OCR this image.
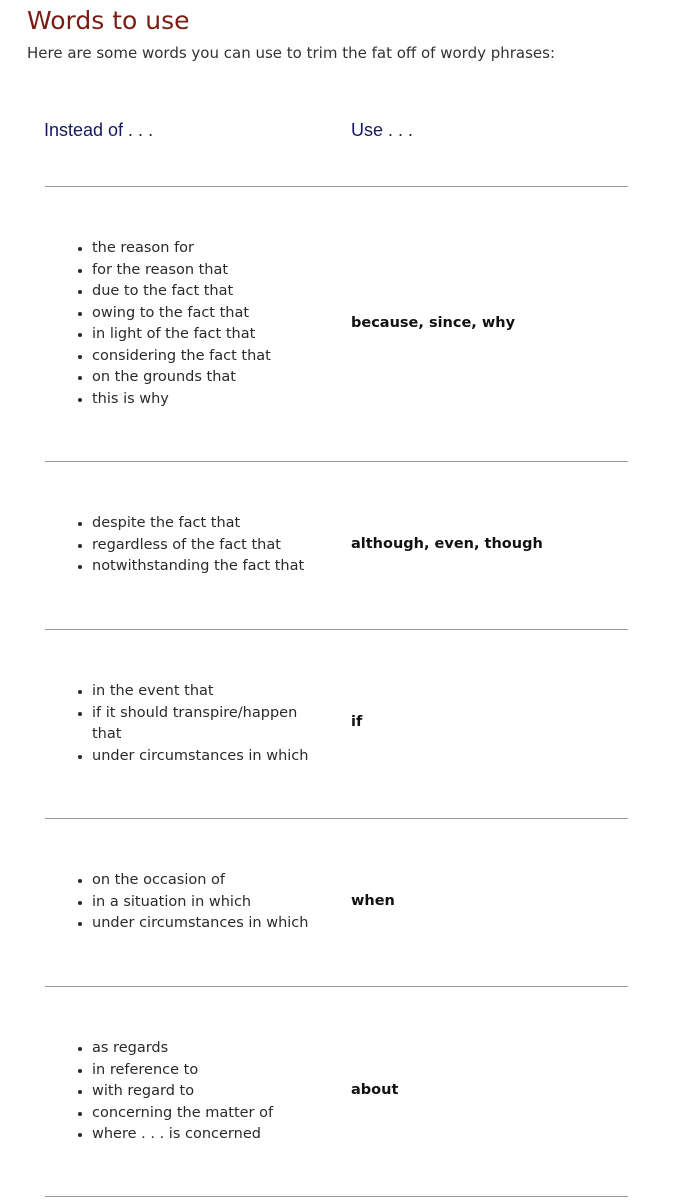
Words to use

Here are some words you can use to trim the fat off of wordy phrases:

Instead of . . .	Use . . .
• the reason for
• for the reason that
• due to the fact that
• owing to the fact that
• in light of the fact that
• considering the fact that
• on the grounds that
• this is why
because, since, why
• despite the fact that
• regardless of the fact that
• notwithstanding the fact that
although, even, though
• in the event that
• if it should transpire/happen that
• under circumstances in which
if
• on the occasion of
• in a situation in which
• under circumstances in which
when
• as regards
• in reference to
• with regard to
• concerning the matter of
• where . . . is concerned
about
